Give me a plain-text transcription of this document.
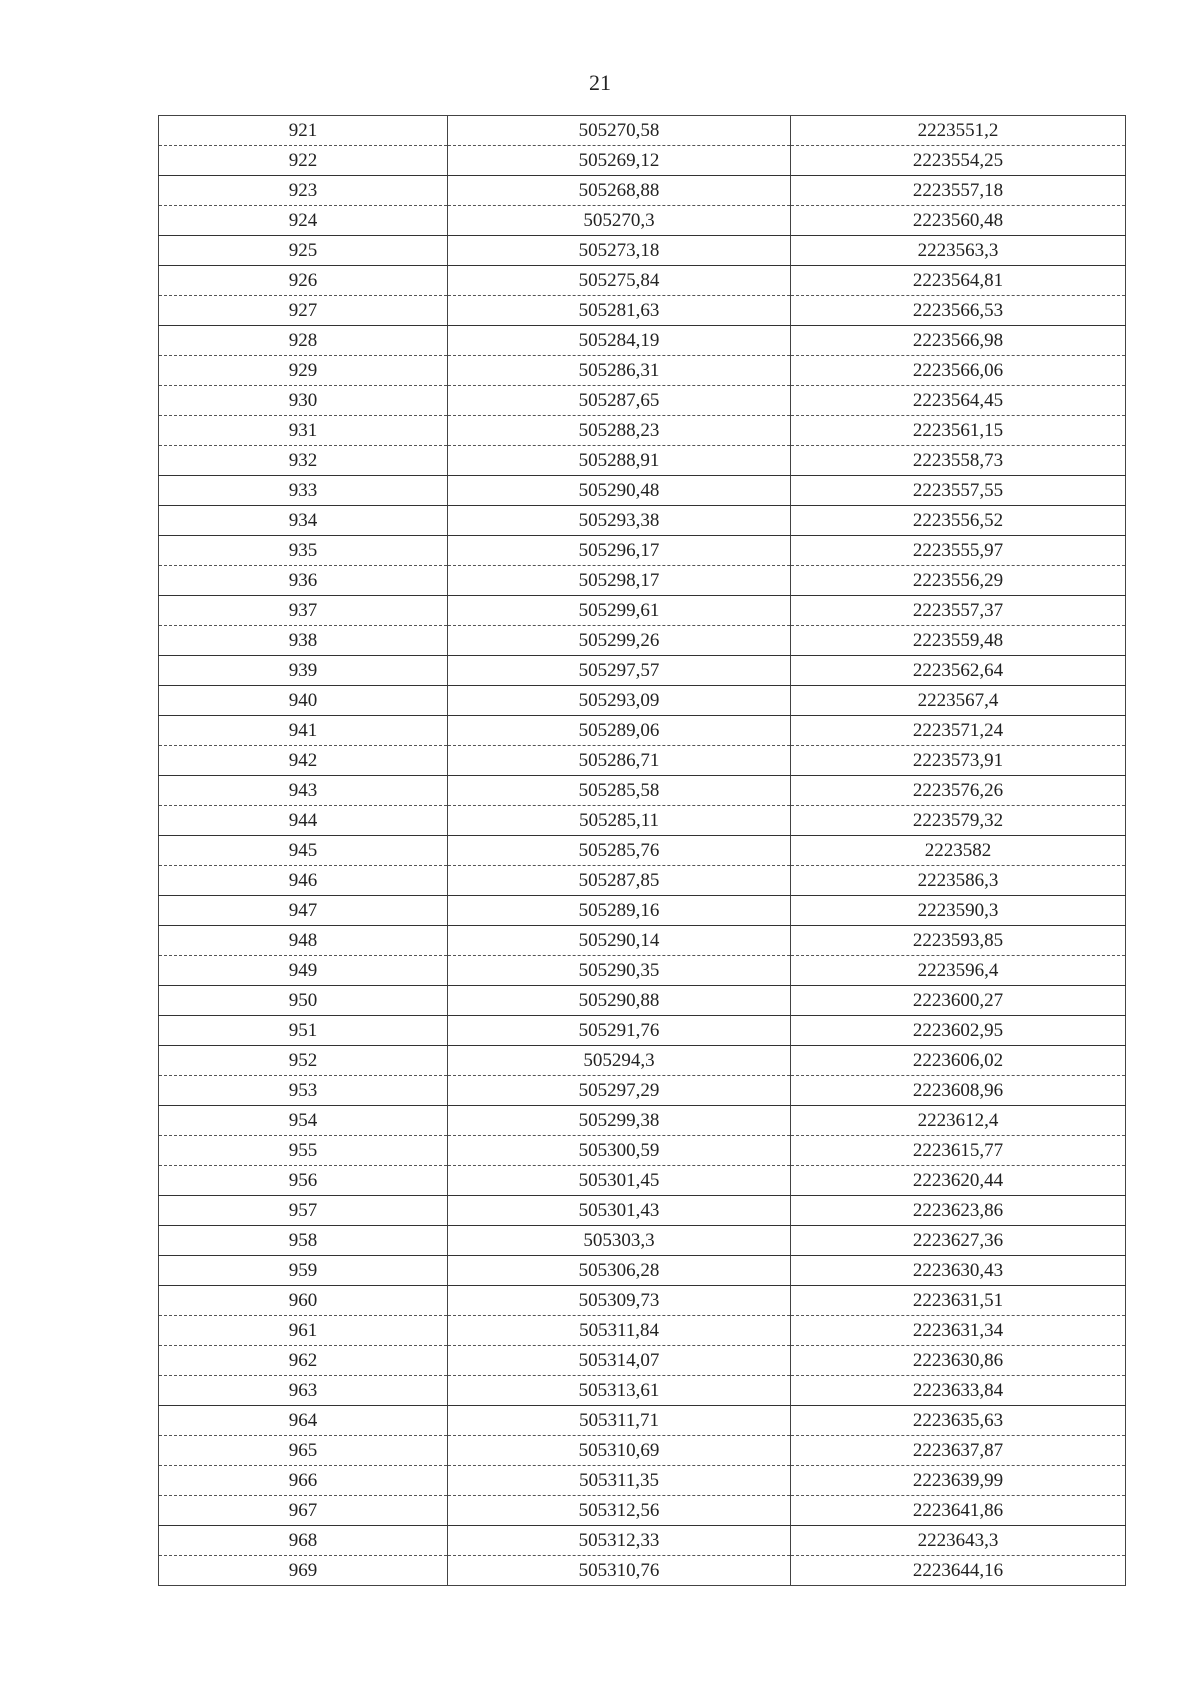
21
921	505270,58	2223551,2
922	505269,12	2223554,25
923	505268,88	2223557,18
924	505270,3	2223560,48
925	505273,18	2223563,3
926	505275,84	2223564,81
927	505281,63	2223566,53
928	505284,19	2223566,98
929	505286,31	2223566,06
930	505287,65	2223564,45
931	505288,23	2223561,15
932	505288,91	2223558,73
933	505290,48	2223557,55
934	505293,38	2223556,52
935	505296,17	2223555,97
936	505298,17	2223556,29
937	505299,61	2223557,37
938	505299,26	2223559,48
939	505297,57	2223562,64
940	505293,09	2223567,4
941	505289,06	2223571,24
942	505286,71	2223573,91
943	505285,58	2223576,26
944	505285,11	2223579,32
945	505285,76	2223582
946	505287,85	2223586,3
947	505289,16	2223590,3
948	505290,14	2223593,85
949	505290,35	2223596,4
950	505290,88	2223600,27
951	505291,76	2223602,95
952	505294,3	2223606,02
953	505297,29	2223608,96
954	505299,38	2223612,4
955	505300,59	2223615,77
956	505301,45	2223620,44
957	505301,43	2223623,86
958	505303,3	2223627,36
959	505306,28	2223630,43
960	505309,73	2223631,51
961	505311,84	2223631,34
962	505314,07	2223630,86
963	505313,61	2223633,84
964	505311,71	2223635,63
965	505310,69	2223637,87
966	505311,35	2223639,99
967	505312,56	2223641,86
968	505312,33	2223643,3
969	505310,76	2223644,16
